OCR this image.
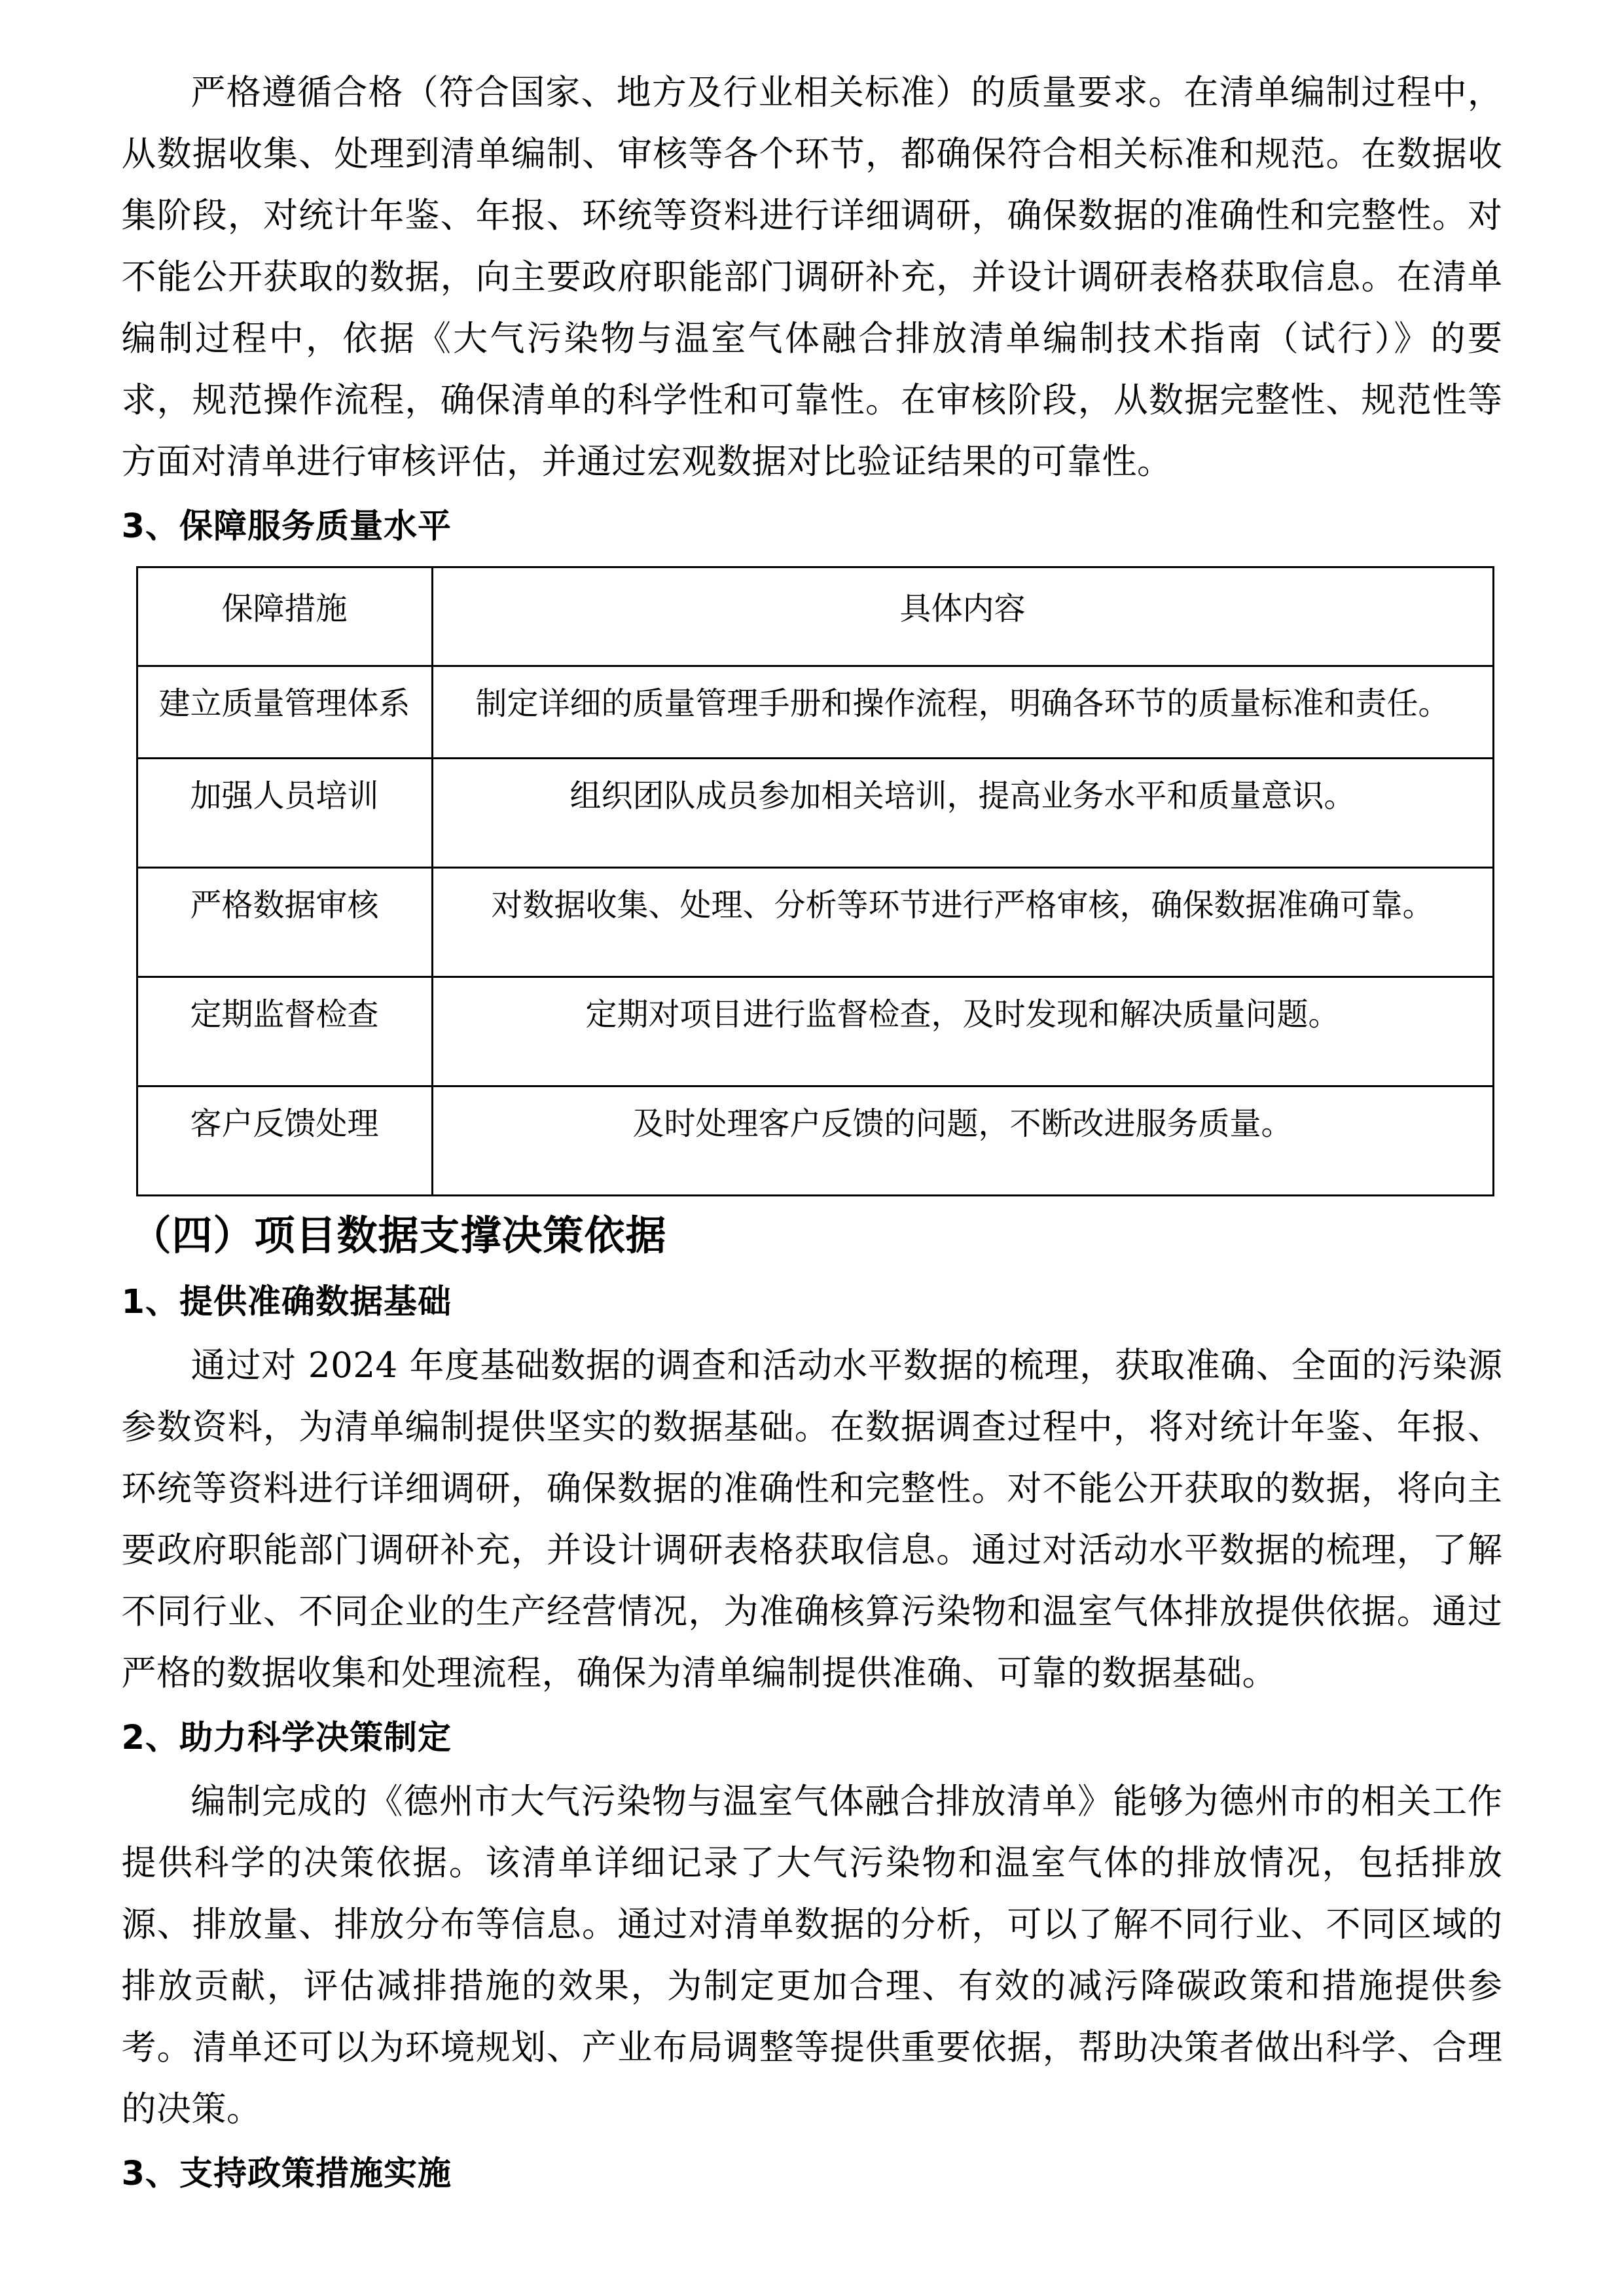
严格遵循合格（符合国家、地方及行业相关标准）的质量要求。在清单编制过程中，从数据收集、处理到清单编制、审核等各个环节，都确保符合相关标准和规范。在数据收集阶段，对统计年鉴、年报、环统等资料进行详细调研，确保数据的准确性和完整性。对不能公开获取的数据，向主要政府职能部门调研补充，并设计调研表格获取信息。在清单编制过程中，依据《大气污染物与温室气体融合排放清单编制技术指南（试行）》的要求，规范操作流程，确保清单的科学性和可靠性。在审核阶段，从数据完整性、规范性等方面对清单进行审核评估，并通过宏观数据对比验证结果的可靠性。

3、保障服务质量水平
保障措施	具体内容
建立质量管理体系	制定详细的质量管理手册和操作流程，明确各环节的质量标准和责任。
加强人员培训	组织团队成员参加相关培训，提高业务水平和质量意识。
严格数据审核	对数据收集、处理、分析等环节进行严格审核，确保数据准确可靠。
定期监督检查	定期对项目进行监督检查，及时发现和解决质量问题。
客户反馈处理	及时处理客户反馈的问题，不断改进服务质量。
（四）项目数据支撑决策依据
1、提供准确数据基础

通过对 2024 年度基础数据的调查和活动水平数据的梳理，获取准确、全面的污染源参数资料，为清单编制提供坚实的数据基础。在数据调查过程中，将对统计年鉴、年报、环统等资料进行详细调研，确保数据的准确性和完整性。对不能公开获取的数据，将向主要政府职能部门调研补充，并设计调研表格获取信息。通过对活动水平数据的梳理，了解不同行业、不同企业的生产经营情况，为准确核算污染物和温室气体排放提供依据。通过严格的数据收集和处理流程，确保为清单编制提供准确、可靠的数据基础。

2、助力科学决策制定

编制完成的《德州市大气污染物与温室气体融合排放清单》能够为德州市的相关工作提供科学的决策依据。该清单详细记录了大气污染物和温室气体的排放情况，包括排放源、排放量、排放分布等信息。通过对清单数据的分析，可以了解不同行业、不同区域的排放贡献，评估减排措施的效果，为制定更加合理、有效的减污降碳政策和措施提供参考。清单还可以为环境规划、产业布局调整等提供重要依据，帮助决策者做出科学、合理的决策。

3、支持政策措施实施
